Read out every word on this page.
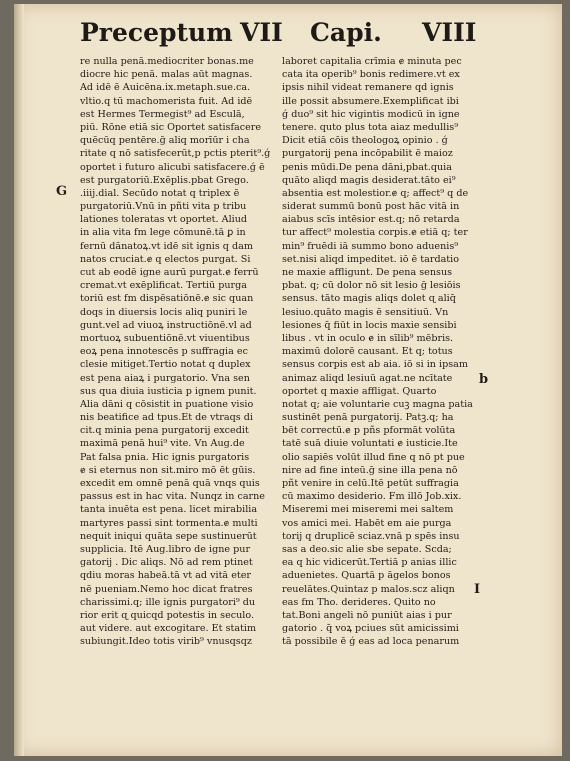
Preceptum VII Capi. VIII
G
b
I
re nulla penā.mediocriter bonas.me
diocre hic penā. malas aūt magnas.
Ad idē ē Auicēna.ix.metaph.sue.ca.
vltio.q tū machomerista fuit. Ad idē
est Hermes Termegist⁹ ad Esculā,
piū. Rōne etiā sic Oportet satisfacere
quēcūq pentēre.ḡ aliq morīūr i cha
ritate q nō satisfecerūt,p pctis pterit⁹.ǵ
oportet i futuro alicubi satisfacere.ǵ ē
est purgatoriū.Exēplis.pbat Grego.
.iiij.dial. Secūdo notat q triplex ē
purgatoriū.Vnū in pñti vita p tribu
lationes toleratas vt oportet. Aliud
in alia vita fm lege cōmunē.tā ꝑ in
fernū dānatoꝝ.vt idē sit ignis q dam
natos cruciat.ɇ q electos purgat. Si
cut ab eodē igne aurū purgat.ɇ ferrū
cremat.vt exēplificat. Tertiū purga
toriū est fm dispēsatiōnē.ɇ sic quan
doqs in diuersis locis aliq puniri le
gunt.vel ad viuoꝝ instructiōnē.vl ad
mortuoꝝ subuentiōnē.vt viuentibus
eoꝝ pena innotescēs p suffragia ec
clesie mitiget.Tertio notat q duplex
est pena aiaꝝ i purgatorio. Vna sen
sus qua diuia iusticia p ignem punit.
Alia dāni q cōsistit in puatione visio
nis beatifice ad tpus.Et de vtraqs di
cit.q minia pena purgatorij excedit
maximā penā hui⁹ vite. Vn Aug.de
Pat falsa pnia. Hic ignis purgatoris
ɇ si eternus non sit.miro mō ēt gūis.
excedit em omnē penā quā vnqs quis
passus est in hac vita. Nunqz in carne
tanta inuēta est pena. licet mirabilia
martyres passi sint tormenta.ɇ multi
nequit iniqui quāta sepe sustinuerūt
supplicia. Itē Aug.libro de igne pur
gatorij . Dic aliqs. Nō ad rem ptinet
qdiu moras habeā.tā vt ad vitā eter
nē pueniam.Nemo hoc dicat fratres
charissimi.q; ille ignis purgatori⁹ du
rior erit ɋ quicqd potestis in seculo.
aut videre. aut excogitare. Et statim
subiungit.Ideo totis virib⁹ vnusqsqz
laboret capitalia crīmia ɇ minuta pec
cata ita operib⁹ bonis redimere.vt ex
ipsis nihil videat remanere qd ignis
ille possit absumere.Exemplificat ibi
ǵ duo⁹ sit hic vigintis modicū in igne
tenere. quto plus tota aiaz medullis⁹
Dicit etiā cōis theologoꝝ opinio . ǵ
purgatorij pena incōpabilit ē maioz
penis mūdi.De pena dāni,pbat.quia
quāto aliqd magis desiderat.tāto ei⁹
absentia est molestior.ɇ q; affect⁹ q de
siderat summū bonū post hāc vitā in
aiabus scīs intēsior est.q; nō retarda
tur affect⁹ molestia corpis.ɇ etiā q; ter
min⁹ fruēdi iā summo bono aduenis⁹
set.nisi aliqd impeditet. iō ē tardatio
ne maxie affligunt. De pena sensus
pbat. q; cū dolor nō sit lesio ḡ lesiōis
sensus. tāto magis aliqs dolet ɋ aliq̄
lesiuo.quāto magis ē sensitiuū. Vn
lesiones q̄ fiūt in locis maxie sensibi
libus . vt in oculo ɇ in sīlib⁹ mēbris.
maximū dolorē causant. Et q; totus
sensus corpis est ab aia. iō si in ipsam
animaz aliqd lesiuū agat.ne ncītate
oportet q maxie affligat. Quarto
notat q; aie voluntarie cuꝫ magna patia
sustinēt penā purgatorij. Patꝫ.q; ha
bēt correctū.ɇ p pñs pformāt volūta
tatē suā diuie voluntati ɇ iusticie.Ite
olio sapiēs volūt illud fine q nō pt pue
nire ad fine inteū.ḡ sine illa pena nō
pñt venire in celū.Itē petūt suffragia
cū maximo desiderio. Fm illō Job.xix.
Miseremi mei miseremi mei saltem
vos amici mei. Habēt em aie purga
torij q druplicē sciaz.vnā p spēs insu
sas a deo.sic alie sbe sepate. Scda;
ea q hic vidicerūt.Tertiā p anias illic
aduenietes. Quartā p āgelos bonos
reuelātes.Quintaz p malos.scz aliqn
eas fm Tho. derideres. Quito no
tat.Boni angeli nō puniūt aias i pur
gatorio . q̄ voꝝ pciues sūt amicissimi
tā possibile ē ǵ eas ad loca penarum
